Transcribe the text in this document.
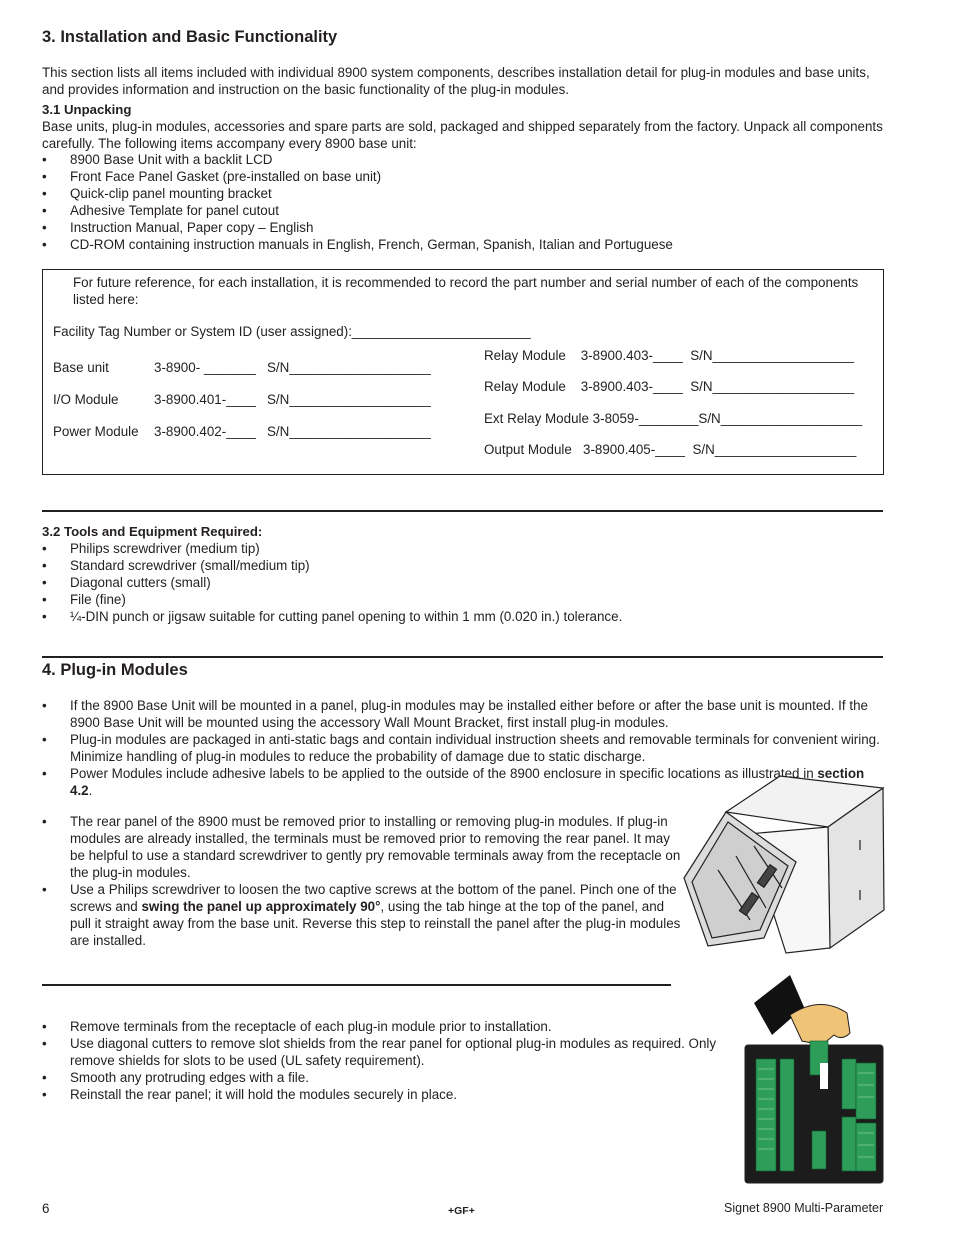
3. Installation and Basic Functionality
This section lists all items included with individual 8900 system components, describes installation detail for plug-in modules and base units, and provides information and instruction on the basic functionality of the plug-in modules.
3.1 Unpacking
Base units, plug-in modules, accessories and spare parts are sold, packaged and shipped separately from the factory. Unpack all components carefully. The following items accompany every 8900 base unit:
• 8900 Base Unit with a backlit LCD
• Front Face Panel Gasket (pre-installed on base unit)
• Quick-clip panel mounting bracket
• Adhesive Template for panel cutout
• Instruction Manual, Paper copy – English
• CD-ROM containing instruction manuals in English, French, German, Spanish, Italian and Portuguese
For future reference, for each installation, it is recommended to record the part number and serial number of each of the components listed here:
Facility Tag Number or System ID (user assigned):________________________
Base unit	3-8900- _______ S/N___________________
I/O Module	3-8900.401-____ S/N___________________
Power Module 3-8900.402-____ S/N___________________
Relay Module    3-8900.403-____  S/N___________________
Relay Module    3-8900.403-____  S/N___________________
Ext Relay Module 3-8059-________S/N___________________
Output Module   3-8900.405-____  S/N___________________
3.2 Tools and Equipment Required:
• Philips screwdriver (medium tip)
• Standard screwdriver (small/medium tip)
• Diagonal cutters (small)
• File (fine)
• ¼-DIN punch or jigsaw suitable for cutting panel opening to within 1 mm (0.020 in.) tolerance.
4. Plug-in Modules
• If the 8900 Base Unit will be mounted in a panel, plug-in modules may be installed either before or after the base unit is mounted. If the 8900 Base Unit will be mounted using the accessory Wall Mount Bracket, first install plug-in modules.
• Plug-in modules are packaged in anti-static bags and contain individual instruction sheets and removable terminals for convenient wiring. Minimize handling of plug-in modules to reduce the probability of damage due to static discharge.
• Power Modules include adhesive labels to be applied to the outside of the 8900 enclosure in specific locations as illustrated in section 4.2.
• The rear panel of the 8900 must be removed prior to installing or removing plug-in modules. If plug-in modules are already installed, the terminals must be removed prior to removing the rear panel. It may be helpful to use a standard screwdriver to gently pry removable terminals away from the receptacle on the plug-in modules.
• Use a Philips screwdriver to loosen the two captive screws at the bottom of the panel. Pinch one of the screws and swing the panel up approximately 90°, using the tab hinge at the top of the panel, and pull it straight away from the base unit. Reverse this step to reinstall the panel after the plug-in modules are installed.
• Remove terminals from the receptacle of each plug-in module prior to installation.
• Use diagonal cutters to remove slot shields from the rear panel for optional plug-in modules as required. Only remove shields for slots to be used (UL safety requirement).
• Smooth any protruding edges with a file.
• Reinstall the rear panel; it will hold the modules securely in place.
6	+GF+	Signet 8900 Multi-Parameter
